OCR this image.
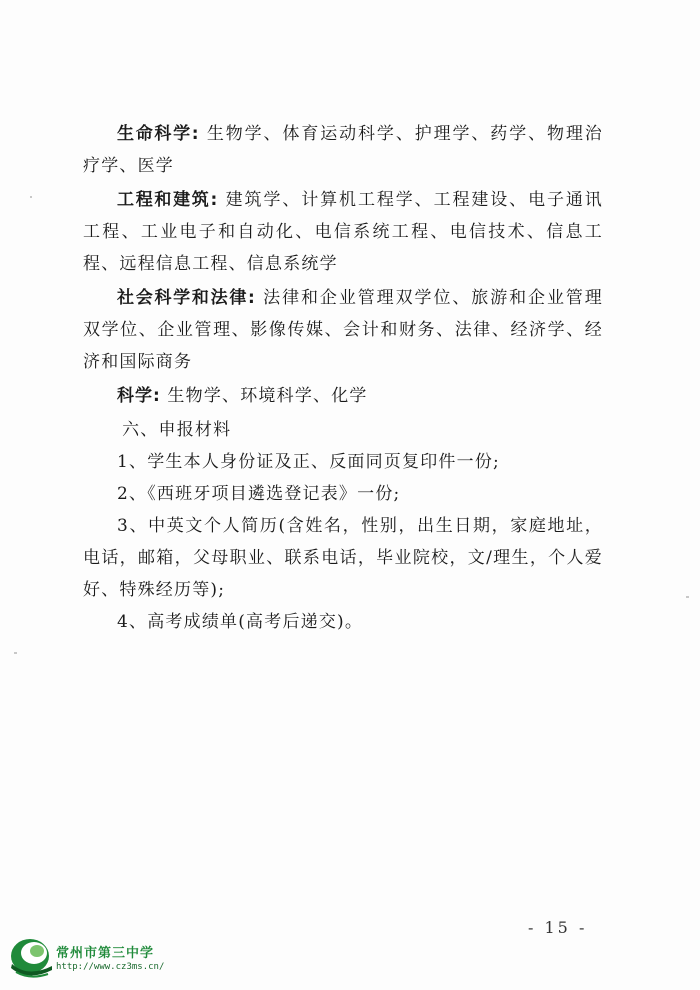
生命科学: 生物学、体育运动科学、护理学、药学、物理治疗学、医学

工程和建筑: 建筑学、计算机工程学、工程建设、电子通讯工程、工业电子和自动化、电信系统工程、电信技术、信息工程、远程信息工程、信息系统学

社会科学和法律: 法律和企业管理双学位、旅游和企业管理双学位、企业管理、影像传媒、会计和财务、法律、经济学、经济和国际商务

科学: 生物学、环境科学、化学

六、申报材料

1、学生本人身份证及正、反面同页复印件一份;

2、《西班牙项目遴选登记表》一份;

3、中英文个人简历(含姓名，性别，出生日期，家庭地址，电话，邮箱，父母职业、联系电话，毕业院校，文/理生，个人爱好、特殊经历等);

4、高考成绩单(高考后递交)。

- 15 -
常州市第三中学
http://www.cz3ms.cn/
